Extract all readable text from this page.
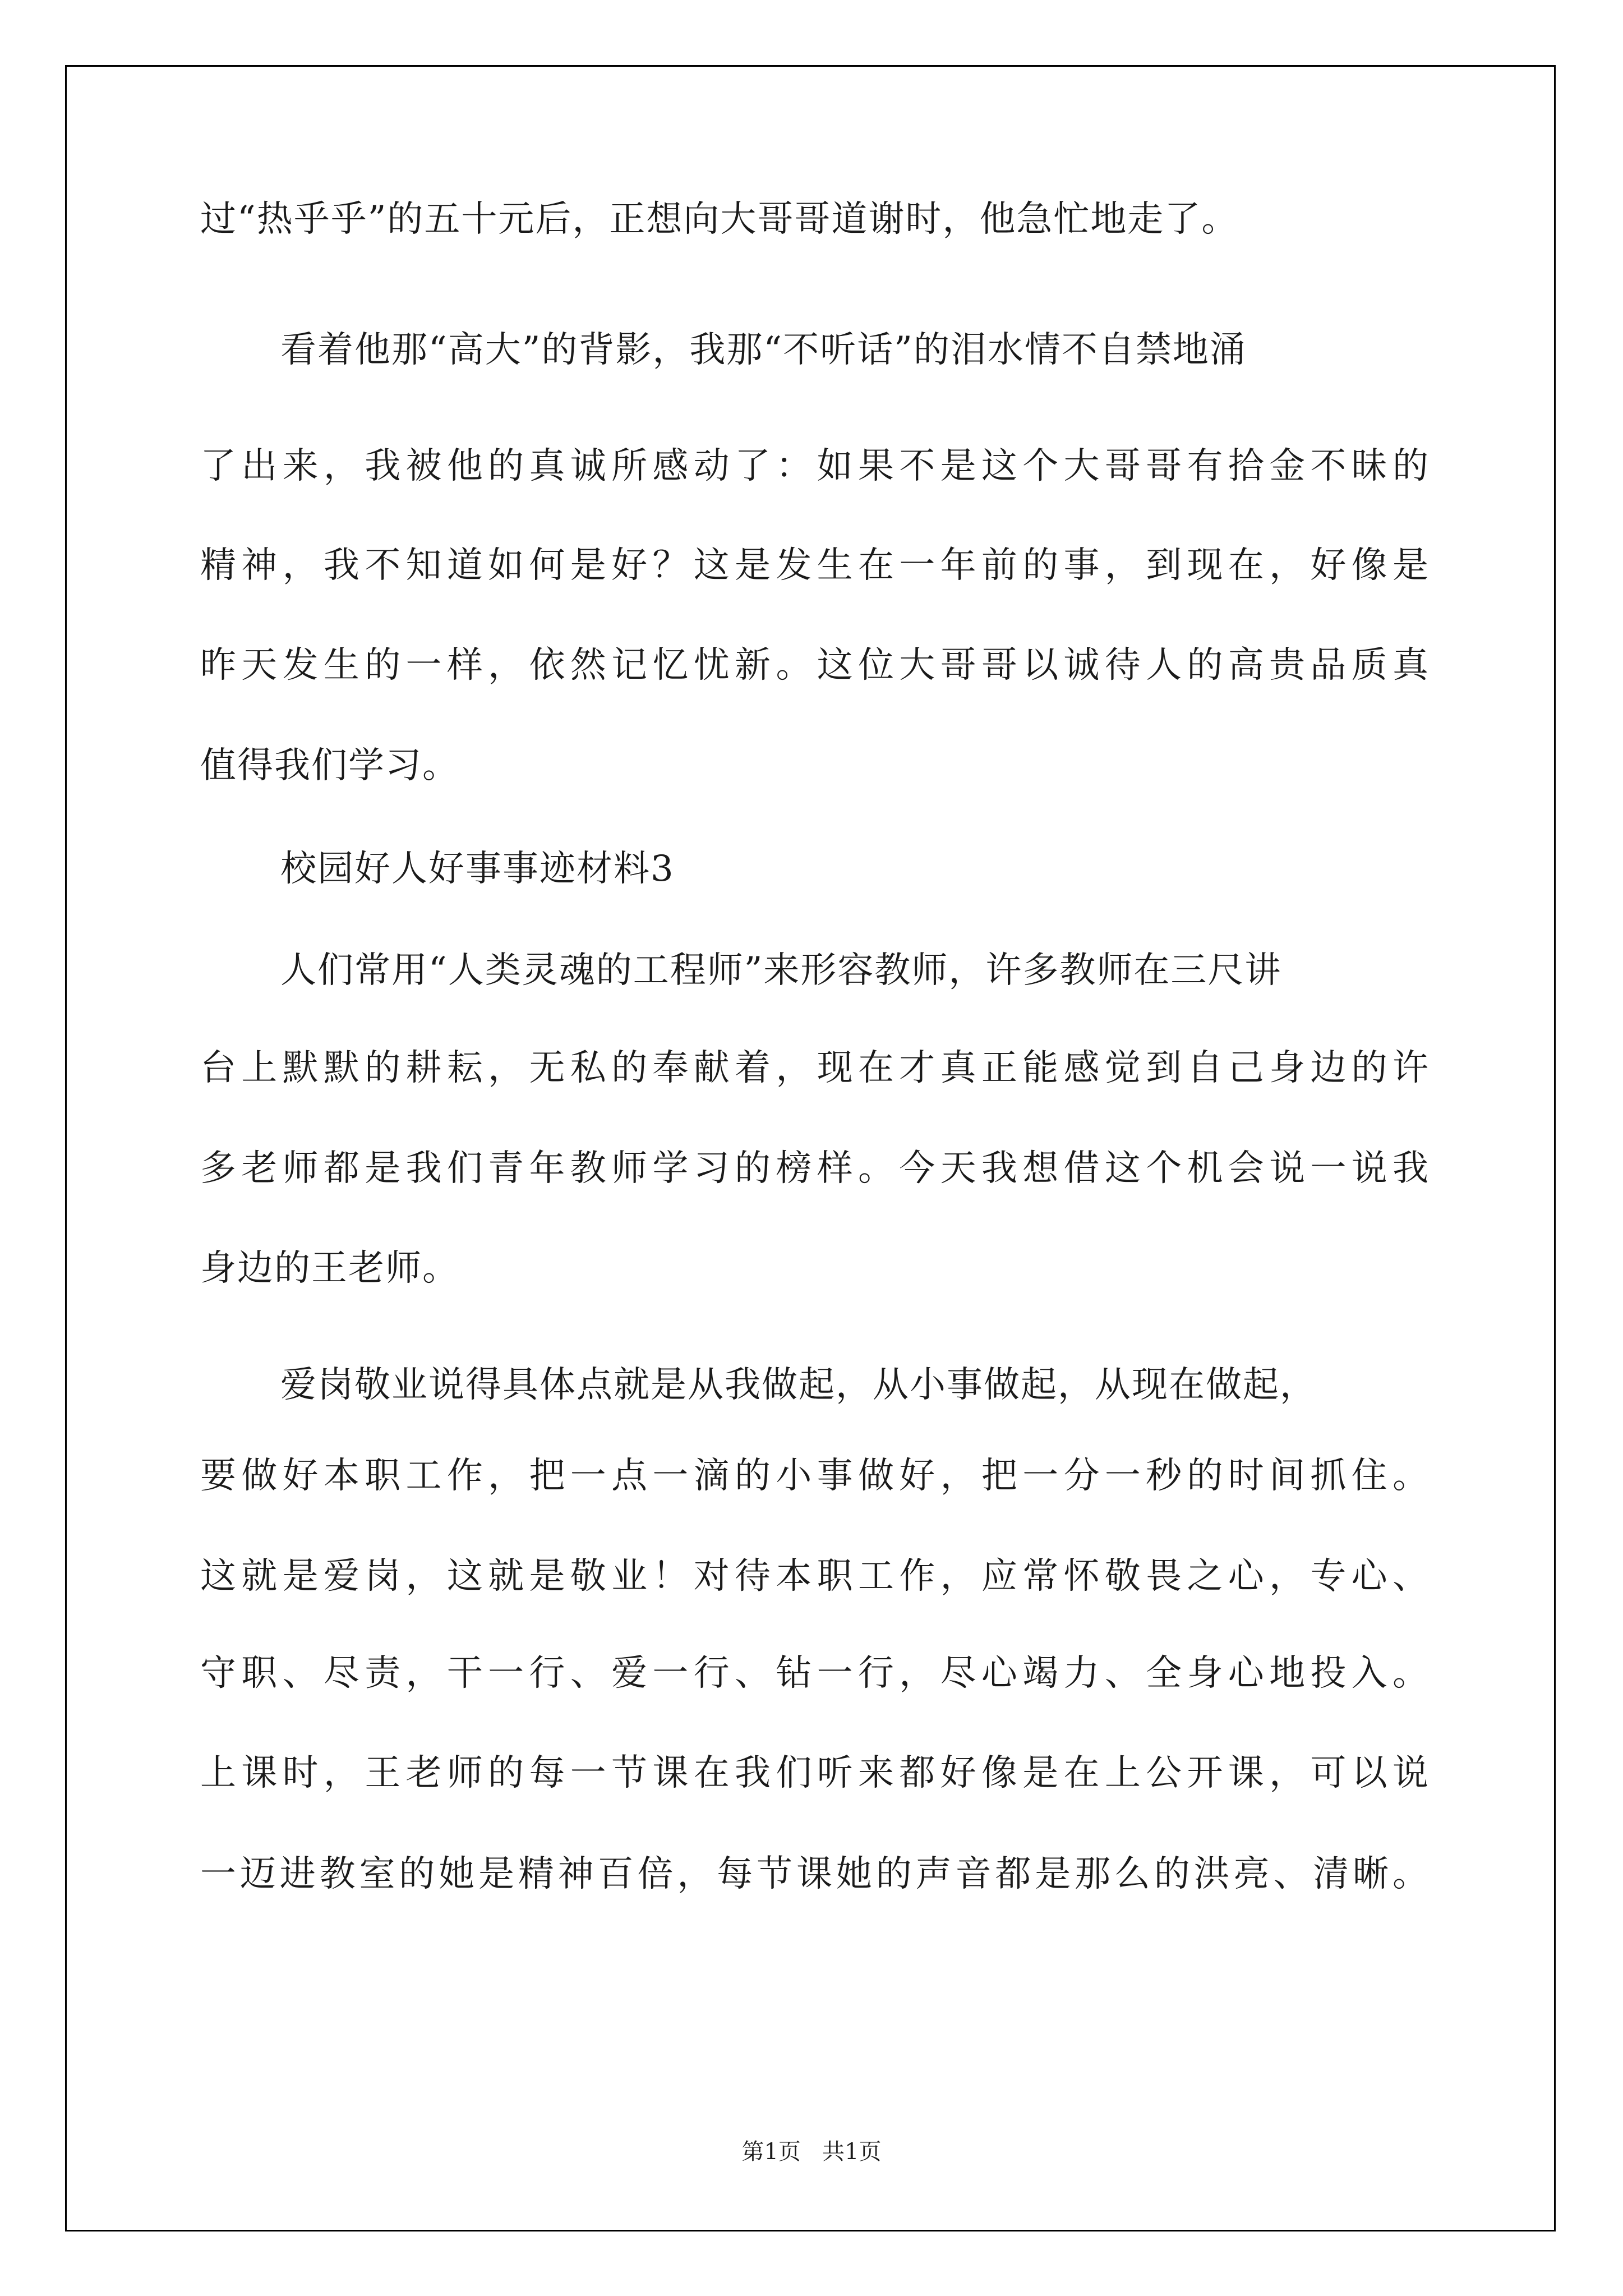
过“热乎乎”的五十元后，正想向大哥哥道谢时，他急忙地走了。
看着他那“高大”的背影，我那“不听话”的泪水情不自禁地涌
了出来，我被他的真诚所感动了：如果不是这个大哥哥有拾金不昧的
精神，我不知道如何是好？这是发生在一年前的事，到现在，好像是
昨天发生的一样，依然记忆忧新。这位大哥哥以诚待人的高贵品质真
值得我们学习。
校园好人好事事迹材料3
人们常用“人类灵魂的工程师”来形容教师，许多教师在三尺讲
台上默默的耕耘，无私的奉献着，现在才真正能感觉到自己身边的许
多老师都是我们青年教师学习的榜样。今天我想借这个机会说一说我
身边的王老师。
爱岗敬业说得具体点就是从我做起，从小事做起，从现在做起，
要做好本职工作，把一点一滴的小事做好，把一分一秒的时间抓住。
这就是爱岗，这就是敬业！对待本职工作，应常怀敬畏之心，专心、
守职、尽责，干一行、爱一行、钻一行，尽心竭力、全身心地投入。
上课时，王老师的每一节课在我们听来都好像是在上公开课，可以说
一迈进教室的她是精神百倍，每节课她的声音都是那么的洪亮、清晰。
第1页   共1页
